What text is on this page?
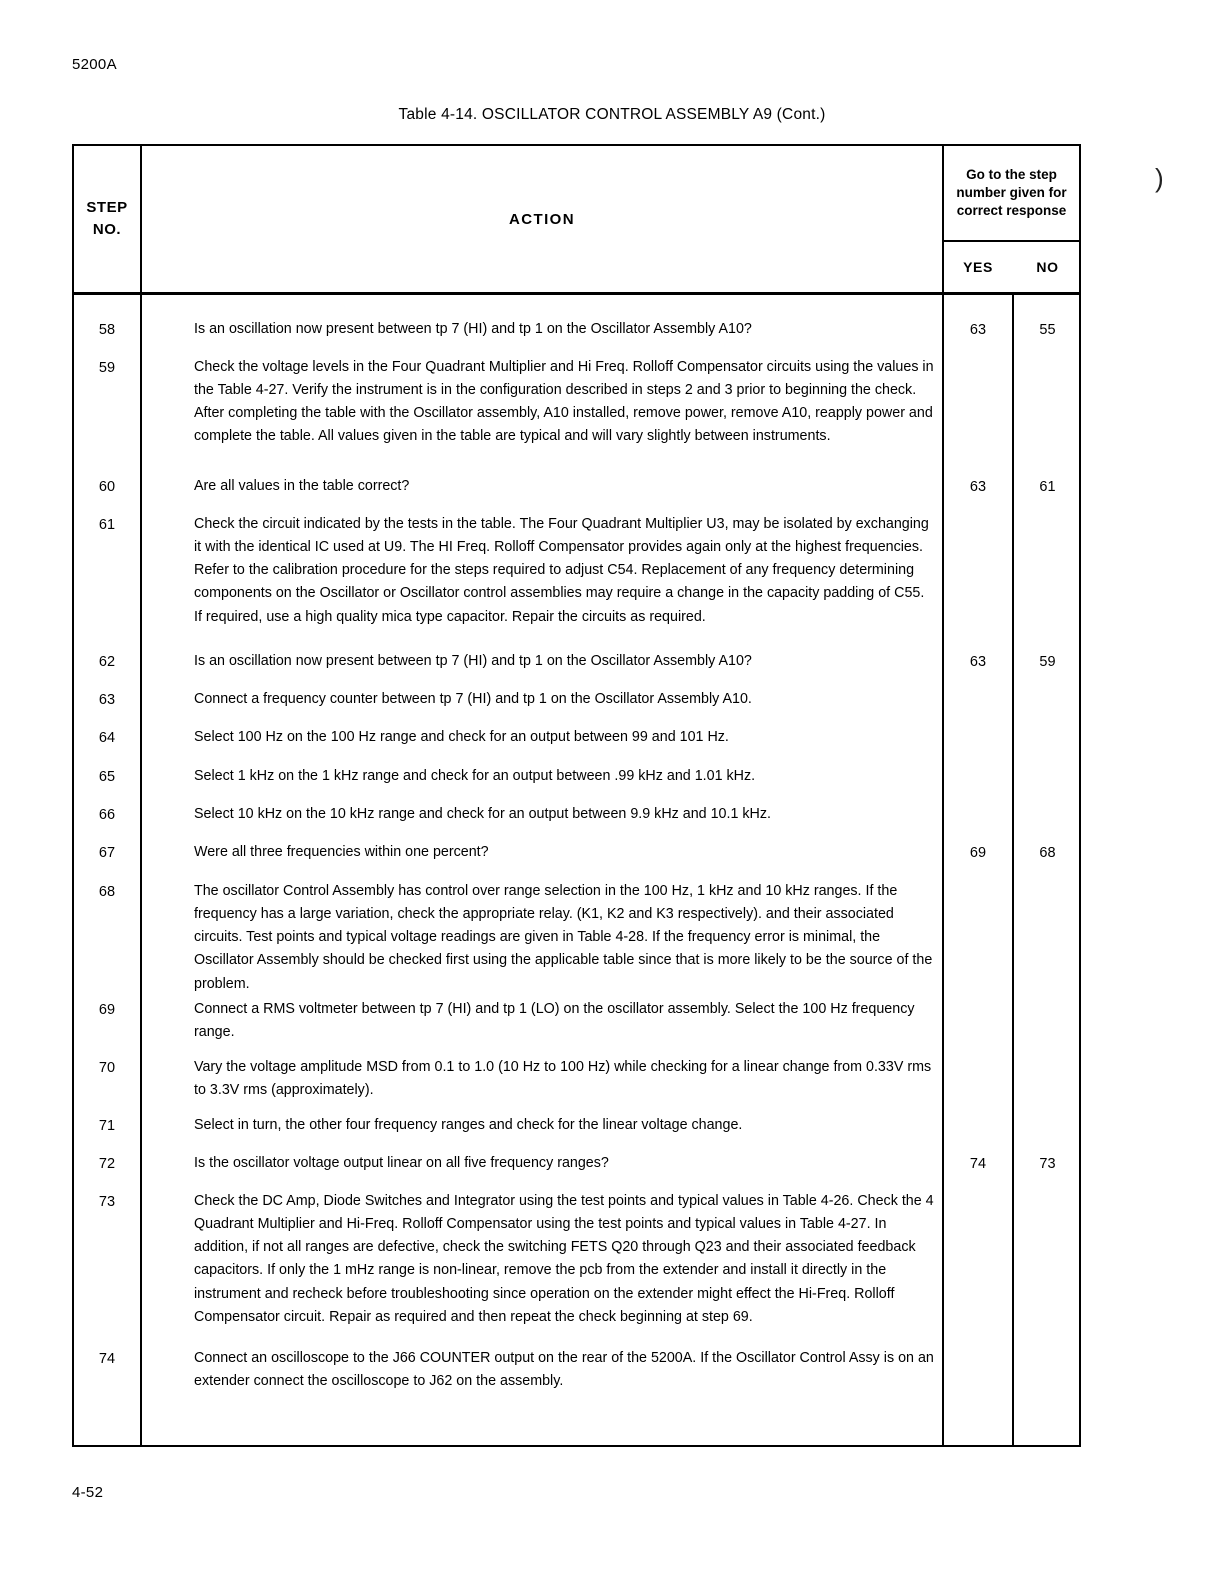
5200A
Table 4-14. OSCILLATOR CONTROL ASSEMBLY A9 (Cont.)
)
STEP
NO.
ACTION
Go to the step number given for correct response
YES	NO
58	Is an oscillation now present between tp 7 (HI) and tp 1 on the Oscillator Assembly A10?	63	55
59	Check the voltage levels in the Four Quadrant Multiplier and Hi Freq. Rolloff Compensator circuits using the values in the Table 4-27. Verify the instrument is in the configuration described in steps 2 and 3 prior to beginning the check. After completing the table with the Oscillator assembly, A10 installed, remove power, remove A10, reapply power and complete the table. All values given in the table are typical and will vary slightly between instruments.
60	Are all values in the table correct?	63	61
61	Check the circuit indicated by the tests in the table. The Four Quadrant Multiplier U3, may be isolated by exchanging it with the identical IC used at U9. The HI Freq. Rolloff Compensator provides again only at the highest frequencies. Refer to the calibration procedure for the steps required to adjust C54. Replacement of any frequency determining components on the Oscillator or Oscillator control assemblies may require a change in the capacity padding of C55. If required, use a high quality mica type capacitor. Repair the circuits as required.
62	Is an oscillation now present between tp 7 (HI) and tp 1 on the Oscillator Assembly A10?	63	59
63	Connect a frequency counter between tp 7 (HI) and tp 1 on the Oscillator Assembly A10.
64	Select 100 Hz on the 100 Hz range and check for an output between 99 and 101 Hz.
65	Select 1 kHz on the 1 kHz range and check for an output between .99 kHz and 1.01 kHz.
66	Select 10 kHz on the 10 kHz range and check for an output between 9.9 kHz and 10.1 kHz.
67	Were all three frequencies within one percent?	69	68
68	The oscillator Control Assembly has control over range selection in the 100 Hz, 1 kHz and 10 kHz ranges. If the frequency has a large variation, check the appropriate relay. (K1, K2 and K3 respectively). and their associated circuits. Test points and typical voltage readings are given in Table 4-28. If the frequency error is minimal, the Oscillator Assembly should be checked first using the applicable table since that is more likely to be the source of the problem.
69	Connect a RMS voltmeter between tp 7 (HI) and tp 1 (LO) on the oscillator assembly. Select the 100 Hz frequency range.
70	Vary the voltage amplitude MSD from 0.1 to 1.0 (10 Hz to 100 Hz) while checking for a linear change from 0.33V rms to 3.3V rms (approximately).
71	Select in turn, the other four frequency ranges and check for the linear voltage change.
72	Is the oscillator voltage output linear on all five frequency ranges?	74	73
73	Check the DC Amp, Diode Switches and Integrator using the test points and typical values in Table 4-26. Check the 4 Quadrant Multiplier and Hi-Freq. Rolloff Compensator using the test points and typical values in Table 4-27. In addition, if not all ranges are defective, check the switching FETS Q20 through Q23 and their associated feedback capacitors. If only the 1 mHz range is non-linear, remove the pcb from the extender and install it directly in the instrument and recheck before troubleshooting since operation on the extender might effect the Hi-Freq. Rolloff Compensator circuit. Repair as required and then repeat the check beginning at step 69.
74	Connect an oscilloscope to the J66 COUNTER output on the rear of the 5200A. If the Oscillator Control Assy is on an extender connect the oscilloscope to J62 on the assembly.
4-52
